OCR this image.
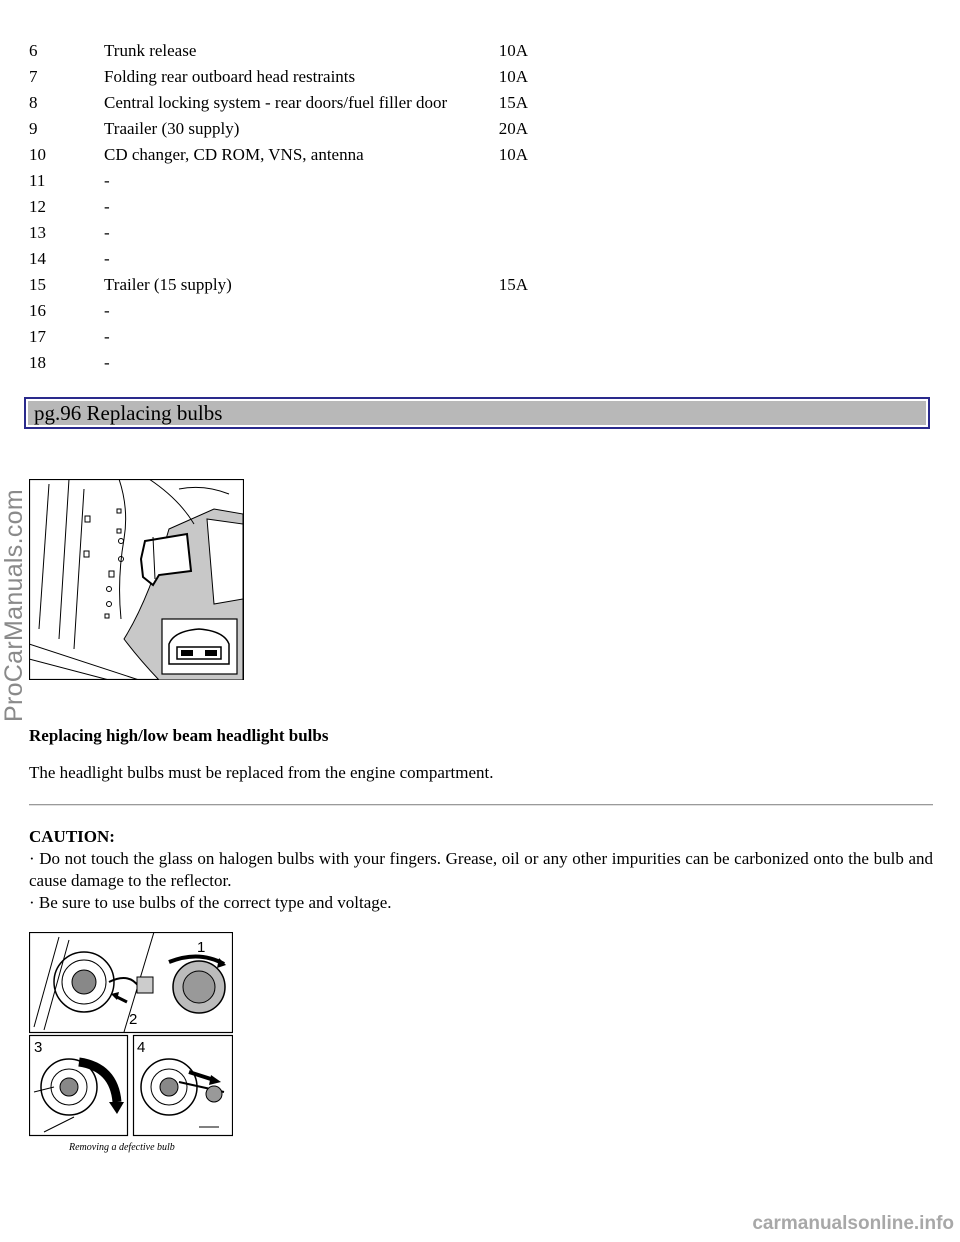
6	Trunk release	10A
7	Folding rear outboard head restraints	10A
8	Central locking system - rear doors/fuel filler door	15A
9	Traailer (30 supply)	20A
10	CD changer, CD ROM, VNS, antenna	10A
11	-	
12	-	
13	-	
14	-	
15	Trailer (15 supply)	15A
16	-	
17	-	
18	-	
pg.96 Replacing bulbs
ProCarManuals.com
Replacing high/low beam headlight bulbs
The headlight bulbs must be replaced from the engine compartment.
CAUTION:
· Do not touch the glass on halogen bulbs with your fingers. Grease, oil or any other impurities can be carbonized onto the bulb and cause damage to the reflector.
· Be sure to use bulbs of the correct type and voltage.
1
2
3	4
Removing a defective bulb
carmanualsonline.info
